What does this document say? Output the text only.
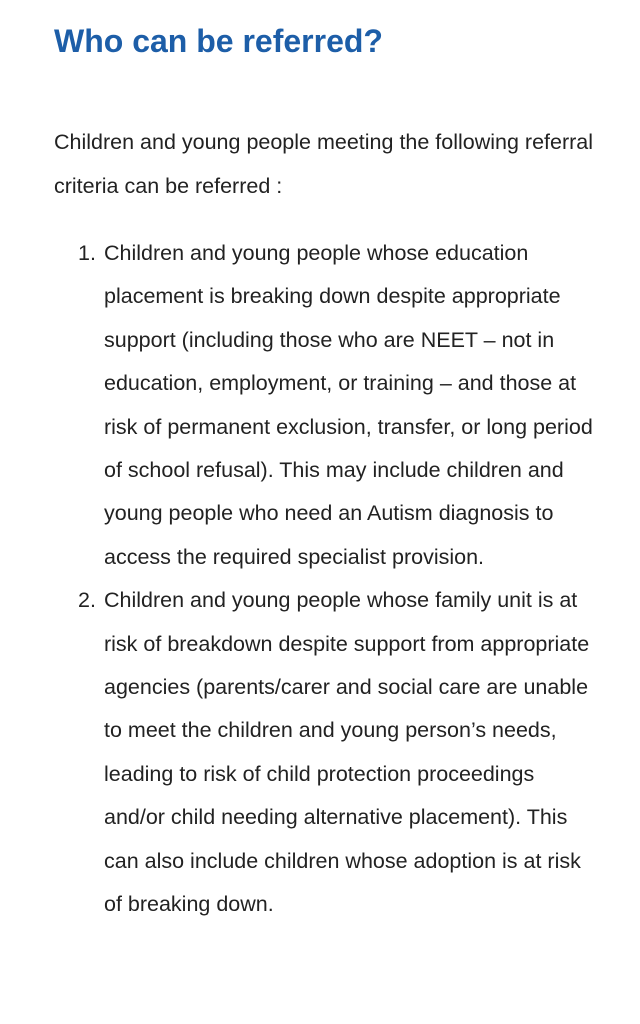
Who can be referred?

Children and young people meeting the following referral criteria can be referred :

1. Children and young people whose education placement is breaking down despite appropriate support (including those who are NEET – not in education, employment, or training – and those at risk of permanent exclusion, transfer, or long period of school refusal). This may include children and young people who need an Autism diagnosis to access the required specialist provision.
2. Children and young people whose family unit is at risk of breakdown despite support from appropriate agencies (parents/carer and social care are unable to meet the children and young person’s needs, leading to risk of child protection proceedings and/or child needing alternative placement). This can also include children whose adoption is at risk of breaking down.
